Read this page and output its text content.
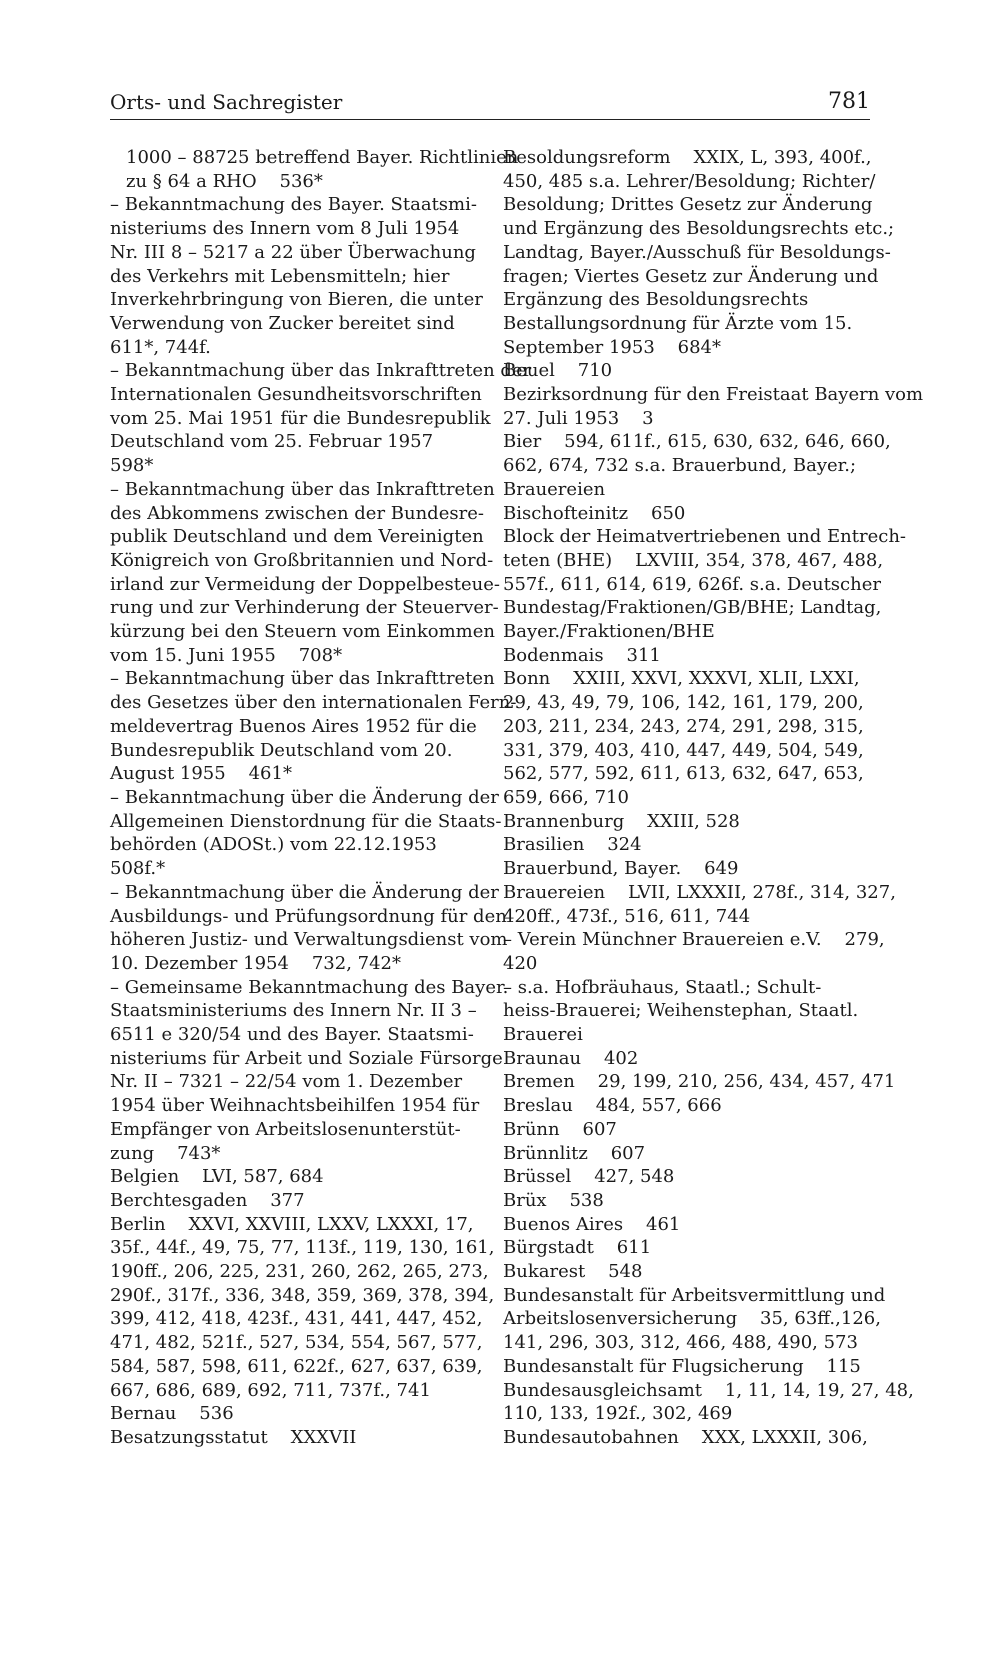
Orts- und Sachregister	781

1000 – 88725 betreffend Bayer. Richtlinien
zu § 64 a RHO    536*

– Bekanntmachung des Bayer. Staatsmi-
nisteriums des Innern vom 8 Juli 1954
Nr. III 8 – 5217 a 22 über Überwachung
des Verkehrs mit Lebensmitteln; hier
Inverkehrbringung von Bieren, die unter
Verwendung von Zucker bereitet sind
611*, 744f.

– Bekanntmachung über das Inkrafttreten der
Internationalen Gesundheitsvorschriften
vom 25. Mai 1951 für die Bundesrepublik
Deutschland vom 25. Februar 1957
598*

– Bekanntmachung über das Inkrafttreten
des Abkommens zwischen der Bundesre-
publik Deutschland und dem Vereinigten
Königreich von Großbritannien und Nord-
irland zur Vermeidung der Doppelbesteue-
rung und zur Verhinderung der Steuerver-
kürzung bei den Steuern vom Einkommen
vom 15. Juni 1955    708*

– Bekanntmachung über das Inkrafttreten
des Gesetzes über den internationalen Fern-
meldevertrag Buenos Aires 1952 für die
Bundesrepublik Deutschland vom 20.
August 1955    461*

– Bekanntmachung über die Änderung der
Allgemeinen Dienstordnung für die Staats-
behörden (ADOSt.) vom 22.12.1953
508f.*

– Bekanntmachung über die Änderung der
Ausbildungs- und Prüfungsordnung für den
höheren Justiz- und Verwaltungsdienst vom
10. Dezember 1954    732, 742*

– Gemeinsame Bekanntmachung des Bayer.
Staatsministeriums des Innern Nr. II 3 –
6511 e 320/54 und des Bayer. Staatsmi-
nisteriums für Arbeit und Soziale Fürsorge
Nr. II – 7321 – 22/54 vom 1. Dezember
1954 über Weihnachtsbeihilfen 1954 für
Empfänger von Arbeitslosenunterstüt-
zung    743*

Belgien    LVI, 587, 684

Berchtesgaden    377

Berlin    XXVI, XXVIII, LXXV, LXXXI, 17,
35f., 44f., 49, 75, 77, 113f., 119, 130, 161,
190ff., 206, 225, 231, 260, 262, 265, 273,
290f., 317f., 336, 348, 359, 369, 378, 394,
399, 412, 418, 423f., 431, 441, 447, 452,
471, 482, 521f., 527, 534, 554, 567, 577,
584, 587, 598, 611, 622f., 627, 637, 639,
667, 686, 689, 692, 711, 737f., 741

Bernau    536

Besatzungsstatut    XXXVII

Besoldungsreform    XXIX, L, 393, 400f.,
450, 485 s.a. Lehrer/Besoldung; Richter/
Besoldung; Drittes Gesetz zur Änderung
und Ergänzung des Besoldungsrechts etc.;
Landtag, Bayer./Ausschuß für Besoldungs-
fragen; Viertes Gesetz zur Änderung und
Ergänzung des Besoldungsrechts

Bestallungsordnung für Ärzte vom 15.
September 1953    684*

Beuel    710

Bezirksordnung für den Freistaat Bayern vom
27. Juli 1953    3

Bier    594, 611f., 615, 630, 632, 646, 660,
662, 674, 732 s.a. Brauerbund, Bayer.;
Brauereien

Bischofteinitz    650

Block der Heimatvertriebenen und Entrech-
teten (BHE)    LXVIII, 354, 378, 467, 488,
557f., 611, 614, 619, 626f. s.a. Deutscher
Bundestag/Fraktionen/GB/BHE; Landtag,
Bayer./Fraktionen/BHE

Bodenmais    311

Bonn    XXIII, XXVI, XXXVI, XLII, LXXI,
29, 43, 49, 79, 106, 142, 161, 179, 200,
203, 211, 234, 243, 274, 291, 298, 315,
331, 379, 403, 410, 447, 449, 504, 549,
562, 577, 592, 611, 613, 632, 647, 653,
659, 666, 710

Brannenburg    XXIII, 528

Brasilien    324

Brauerbund, Bayer.    649

Brauereien    LVII, LXXXII, 278f., 314, 327,
420ff., 473f., 516, 611, 744

– Verein Münchner Brauereien e.V.    279,
420

– s.a. Hofbräuhaus, Staatl.; Schult-
heiss-Brauerei; Weihenstephan, Staatl.
Brauerei

Braunau    402

Bremen    29, 199, 210, 256, 434, 457, 471

Breslau    484, 557, 666

Brünn    607

Brünnlitz    607

Brüssel    427, 548

Brüx    538

Buenos Aires    461

Bürgstadt    611

Bukarest    548

Bundesanstalt für Arbeitsvermittlung und
Arbeitslosenversicherung    35, 63ff.,126,
141, 296, 303, 312, 466, 488, 490, 573

Bundesanstalt für Flugsicherung    115

Bundesausgleichsamt    1, 11, 14, 19, 27, 48,
110, 133, 192f., 302, 469

Bundesautobahnen    XXX, LXXXII, 306,
